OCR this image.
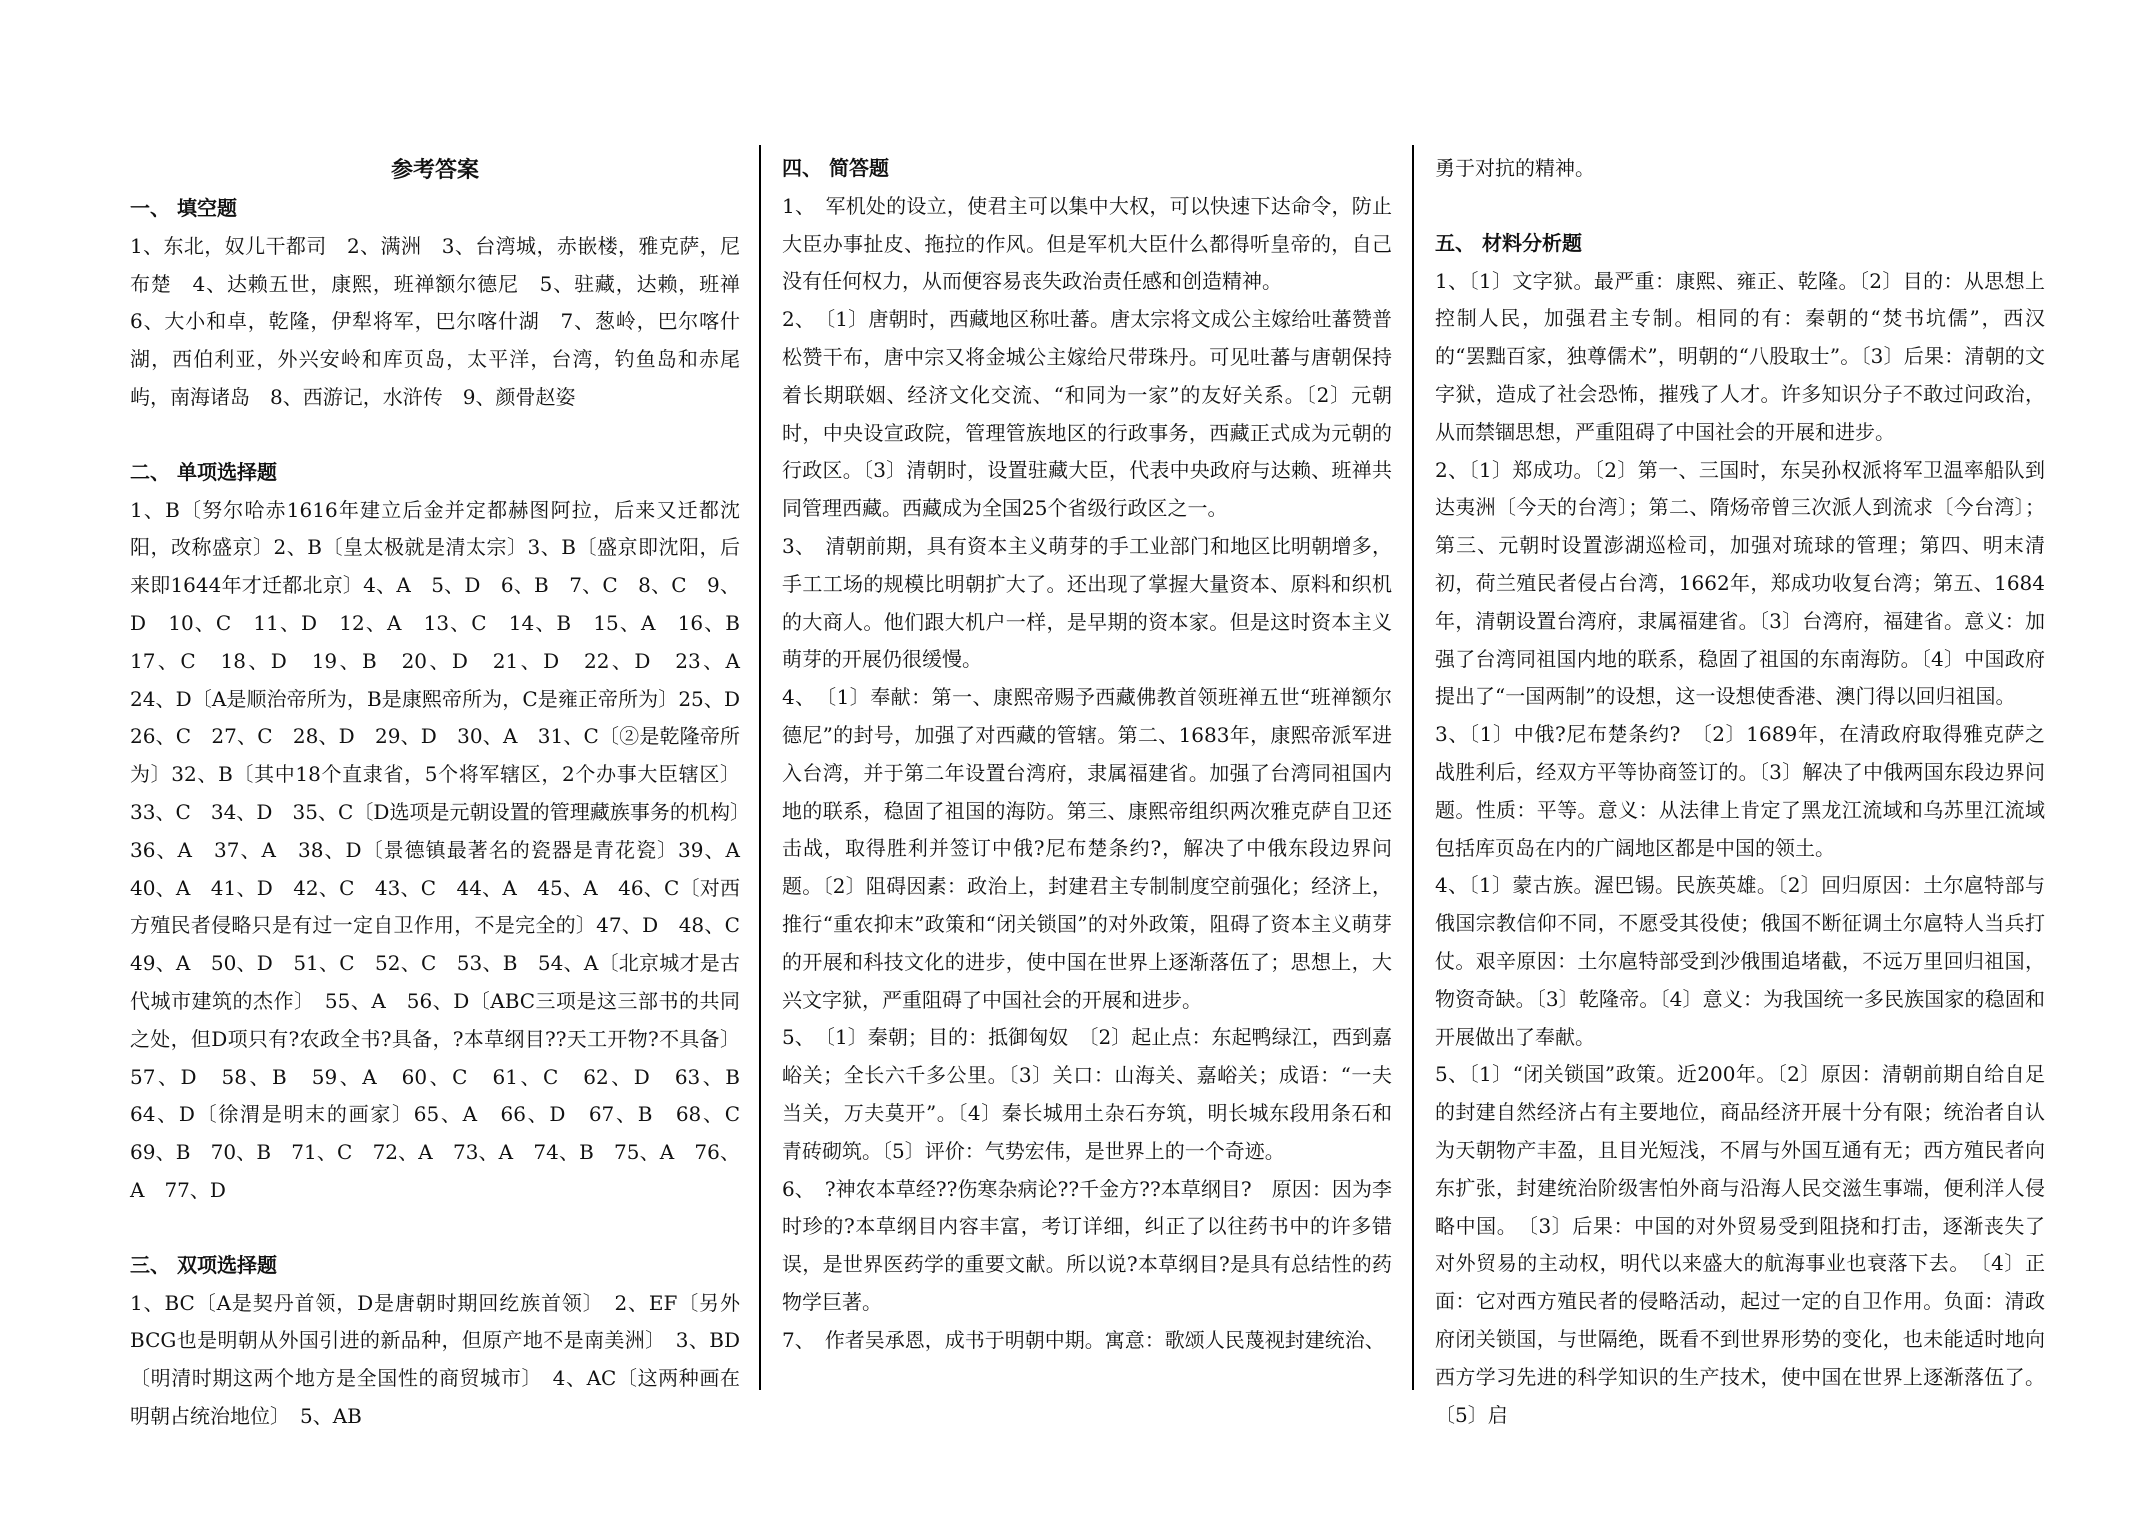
参考答案

一、 填空题

1、东北，奴儿干都司　2、满洲　3、台湾城，赤嵌楼，雅克萨，尼布楚　4、达赖五世，康熙，班禅额尔德尼　5、驻藏，达赖，班禅　6、大小和卓，乾隆，伊犁将军，巴尔喀什湖　7、葱岭，巴尔喀什湖，西伯利亚，外兴安岭和库页岛，太平洋，台湾，钓鱼岛和赤尾屿，南海诸岛　8、西游记，水浒传　9、颜骨赵姿

二、 单项选择题

1、B〔努尔哈赤1616年建立后金并定都赫图阿拉，后来又迁都沈阳，改称盛京〕2、B〔皇太极就是清太宗〕3、B〔盛京即沈阳，后来即1644年才迁都北京〕4、A　5、D　6、B　7、C　8、C　9、D　10、C　11、D　12、A　13、C　14、B　15、A　16、B　17、C　18、D　19、B　20、D　21、D　22、D　23、A　24、D〔A是顺治帝所为，B是康熙帝所为，C是雍正帝所为〕25、D　26、C　27、C　28、D　29、D　30、A　31、C〔②是乾隆帝所为〕32、B〔其中18个直隶省，5个将军辖区，2个办事大臣辖区〕33、C　34、D　35、C〔D选项是元朝设置的管理藏族事务的机构〕　36、A　37、A　38、D〔景德镇最著名的瓷器是青花瓷〕39、A　40、A　41、D　42、C　43、C　44、A　45、A　46、C〔对西方殖民者侵略只是有过一定自卫作用，不是完全的〕47、D　48、C　49、A　50、D　51、C　52、C　53、B　54、A〔北京城才是古代城市建筑的杰作〕　55、A　56、D〔ABC三项是这三部书的共同之处，但D项只有?农政全书?具备，?本草纲目??天工开物?不具备〕57、D　58、B　59、A　60、C　61、C　62、D　63、B　64、D〔徐渭是明末的画家〕65、A　66、D　67、B　68、C　69、B　70、B　71、C　72、A　73、A　74、B　75、A　76、A　77、D

三、 双项选择题

1、BC〔A是契丹首领，D是唐朝时期回纥族首领〕　2、EF〔另外BCG也是明朝从外国引进的新品种，但原产地不是南美洲〕　3、BD〔明清时期这两个地方是全国性的商贸城市〕　4、AC〔这两种画在明朝占统治地位〕　5、AB

四、 简答题

1、　军机处的设立，使君主可以集中大权，可以快速下达命令，防止大臣办事扯皮、拖拉的作风。但是军机大臣什么都得听皇帝的，自己没有任何权力，从而便容易丧失政治责任感和创造精神。

2、　〔1〕唐朝时，西藏地区称吐蕃。唐太宗将文成公主嫁给吐蕃赞普松赞干布，唐中宗又将金城公主嫁给尺带珠丹。可见吐蕃与唐朝保持着长期联姻、经济文化交流、“和同为一家”的友好关系。〔2〕元朝时，中央设宣政院，管理管族地区的行政事务，西藏正式成为元朝的行政区。〔3〕清朝时，设置驻藏大臣，代表中央政府与达赖、班禅共同管理西藏。西藏成为全国25个省级行政区之一。

3、　清朝前期，具有资本主义萌芽的手工业部门和地区比明朝增多，手工工场的规模比明朝扩大了。还出现了掌握大量资本、原料和织机的大商人。他们跟大机户一样，是早期的资本家。但是这时资本主义萌芽的开展仍很缓慢。

4、　〔1〕奉献：第一、康熙帝赐予西藏佛教首领班禅五世“班禅额尔德尼”的封号，加强了对西藏的管辖。第二、1683年，康熙帝派军进入台湾，并于第二年设置台湾府，隶属福建省。加强了台湾同祖国内地的联系，稳固了祖国的海防。第三、康熙帝组织两次雅克萨自卫还击战，取得胜利并签订中俄?尼布楚条约?，解决了中俄东段边界问题。〔2〕阻碍因素：政治上，封建君主专制制度空前强化；经济上，推行“重农抑末”政策和“闭关锁国”的对外政策，阻碍了资本主义萌芽的开展和科技文化的进步，使中国在世界上逐渐落伍了；思想上，大兴文字狱，严重阻碍了中国社会的开展和进步。

5、　〔1〕秦朝；目的：抵御匈奴　〔2〕起止点：东起鸭绿江，西到嘉峪关；全长六千多公里。〔3〕关口：山海关、嘉峪关；成语：“一夫当关，万夫莫开”。〔4〕秦长城用土杂石夯筑，明长城东段用条石和青砖砌筑。〔5〕评价：气势宏伟，是世界上的一个奇迹。

6、　?神农本草经??伤寒杂病论??千金方??本草纲目?　原因：因为李时珍的?本草纲目内容丰富，考订详细，纠正了以往药书中的许多错误，是世界医药学的重要文献。所以说?本草纲目?是具有总结性的药物学巨著。

7、　作者吴承恩，成书于明朝中期。寓意：歌颂人民蔑视封建统治、

勇于对抗的精神。

五、 材料分析题

1、〔1〕文字狱。最严重：康熙、雍正、乾隆。〔2〕目的：从思想上控制人民，加强君主专制。相同的有：秦朝的“焚书坑儒”，西汉的“罢黜百家，独尊儒术”，明朝的“八股取士”。〔3〕后果：清朝的文字狱，造成了社会恐怖，摧残了人才。许多知识分子不敢过问政治，从而禁锢思想，严重阻碍了中国社会的开展和进步。

2、〔1〕郑成功。〔2〕第一、三国时，东吴孙权派将军卫温率船队到达夷洲〔今天的台湾〕；第二、隋炀帝曾三次派人到流求〔今台湾〕；第三、元朝时设置澎湖巡检司，加强对琉球的管理；第四、明末清初，荷兰殖民者侵占台湾，1662年，郑成功收复台湾；第五、1684年，清朝设置台湾府，隶属福建省。〔3〕台湾府，福建省。意义：加强了台湾同祖国内地的联系，稳固了祖国的东南海防。〔4〕中国政府提出了“一国两制”的设想，这一设想使香港、澳门得以回归祖国。

3、〔1〕中俄?尼布楚条约?　〔2〕1689年，在清政府取得雅克萨之战胜利后，经双方平等协商签订的。〔3〕解决了中俄两国东段边界问题。性质：平等。意义：从法律上肯定了黑龙江流域和乌苏里江流域包括库页岛在内的广阔地区都是中国的领土。

4、〔1〕蒙古族。渥巴锡。民族英雄。〔2〕回归原因：土尔扈特部与俄国宗教信仰不同，不愿受其役使；俄国不断征调土尔扈特人当兵打仗。艰辛原因：土尔扈特部受到沙俄围追堵截，不远万里回归祖国，物资奇缺。〔3〕乾隆帝。〔4〕意义：为我国统一多民族国家的稳固和开展做出了奉献。

5、〔1〕“闭关锁国”政策。近200年。〔2〕原因：清朝前期自给自足的封建自然经济占有主要地位，商品经济开展十分有限；统治者自认为天朝物产丰盈，且目光短浅，不屑与外国互通有无；西方殖民者向东扩张，封建统治阶级害怕外商与沿海人民交滋生事端，便利洋人侵略中国。　〔3〕后果：中国的对外贸易受到阻挠和打击，逐渐丧失了对外贸易的主动权，明代以来盛大的航海事业也衰落下去。　〔4〕正面：它对西方殖民者的侵略活动，起过一定的自卫作用。负面：清政府闭关锁国，与世隔绝，既看不到世界形势的变化，也未能适时地向西方学习先进的科学知识的生产技术，使中国在世界上逐渐落伍了。〔5〕启
